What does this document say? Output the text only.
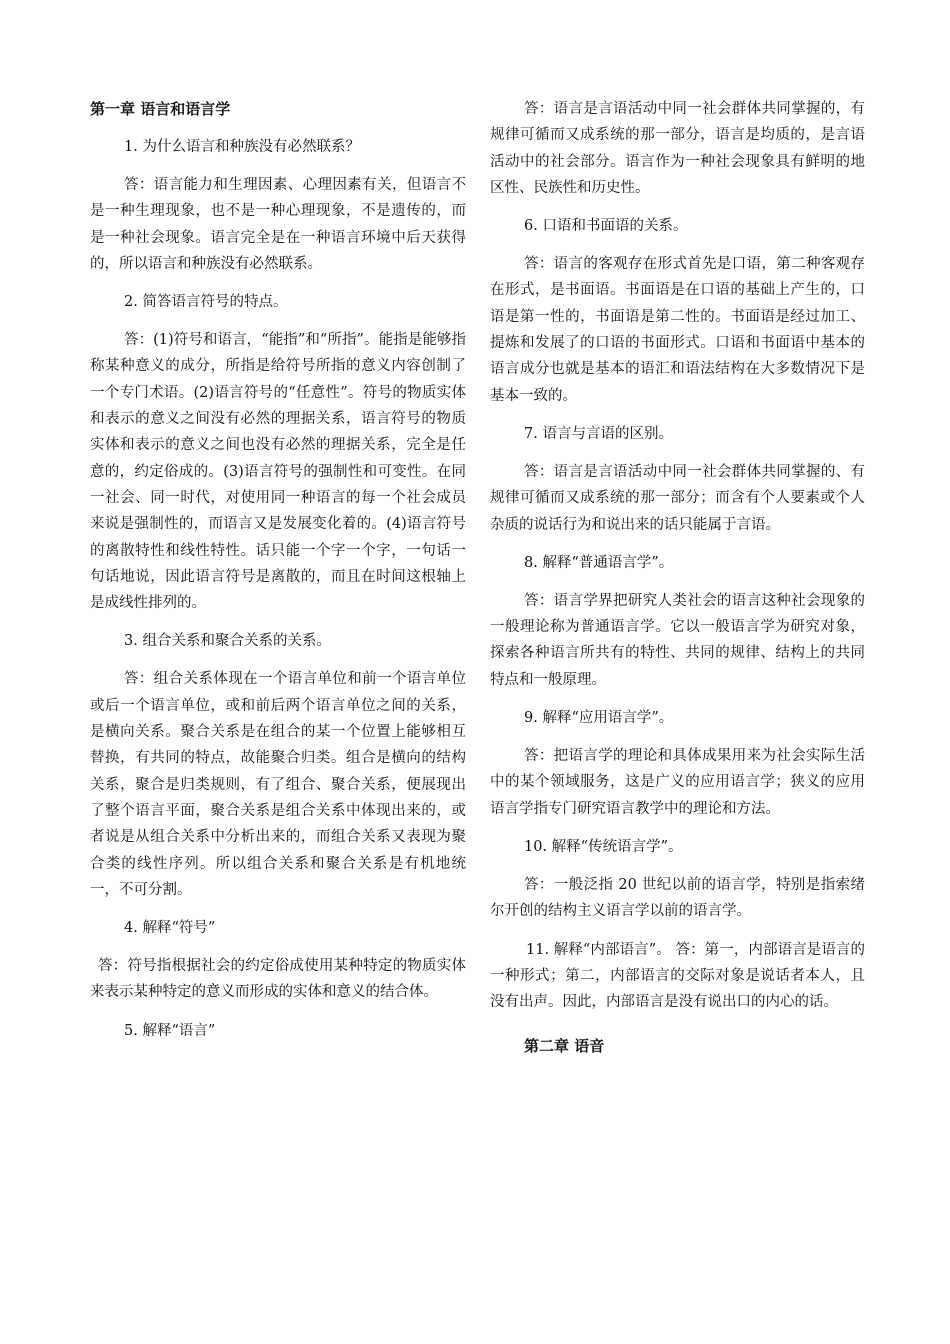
第一章 语言和语言学
1. 为什么语言和种族没有必然联系？
答：语言能力和生理因素、心理因素有关，但语言不是一种生理现象，也不是一种心理现象，不是遗传的，而是一种社会现象。语言完全是在一种语言环境中后天获得的，所以语言和种族没有必然联系。
2. 简答语言符号的特点。
答：(1)符号和语言，“能指”和“所指”。能指是能够指称某种意义的成分，所指是给符号所指的意义内容创制了一个专门术语。(2)语言符号的“任意性”。符号的物质实体和表示的意义之间没有必然的理据关系，语言符号的物质实体和表示的意义之间也没有必然的理据关系，完全是任意的，约定俗成的。(3)语言符号的强制性和可变性。在同一社会、同一时代，对使用同一种语言的每一个社会成员来说是强制性的，而语言又是发展变化着的。(4)语言符号的离散特性和线性特性。话只能一个字一个字，一句话一句话地说，因此语言符号是离散的，而且在时间这根轴上是成线性排列的。
3. 组合关系和聚合关系的关系。
答：组合关系体现在一个语言单位和前一个语言单位或后一个语言单位，或和前后两个语言单位之间的关系，是横向关系。聚合关系是在组合的某一个位置上能够相互替换，有共同的特点，故能聚合归类。组合是横向的结构关系，聚合是归类规则，有了组合、聚合关系，便展现出了整个语言平面，聚合关系是组合关系中体现出来的，或者说是从组合关系中分析出来的，而组合关系又表现为聚合类的线性序列。所以组合关系和聚合关系是有机地统一，不可分割。
4. 解释“符号”
答：符号指根据社会的约定俗成使用某种特定的物质实体来表示某种特定的意义而形成的实体和意义的结合体。
5. 解释“语言”
答：语言是言语活动中同一社会群体共同掌握的，有规律可循而又成系统的那一部分，语言是均质的，是言语活动中的社会部分。语言作为一种社会现象具有鲜明的地区性、民族性和历史性。
6. 口语和书面语的关系。
答：语言的客观存在形式首先是口语，第二种客观存在形式，是书面语。书面语是在口语的基础上产生的，口语是第一性的，书面语是第二性的。书面语是经过加工、提炼和发展了的口语的书面形式。口语和书面语中基本的语言成分也就是基本的语汇和语法结构在大多数情况下是基本一致的。
7. 语言与言语的区别。
答：语言是言语活动中同一社会群体共同掌握的、有规律可循而又成系统的那一部分；而含有个人要素或个人杂质的说话行为和说出来的话只能属于言语。
8. 解释“普通语言学”。
答：语言学界把研究人类社会的语言这种社会现象的一般理论称为普通语言学。它以一般语言学为研究对象，探索各种语言所共有的特性、共同的规律、结构上的共同特点和一般原理。
9. 解释“应用语言学”。
答：把语言学的理论和具体成果用来为社会实际生活中的某个领域服务，这是广义的应用语言学；狭义的应用语言学指专门研究语言教学中的理论和方法。
10. 解释“传统语言学”。
答：一般泛指 20 世纪以前的语言学，特别是指索绪尔开创的结构主义语言学以前的语言学。
11. 解释“内部语言”。 答：第一，内部语言是语言的一种形式；第二，内部语言的交际对象是说话者本人，且没有出声。因此，内部语言是没有说出口的内心的话。
第二章 语音
